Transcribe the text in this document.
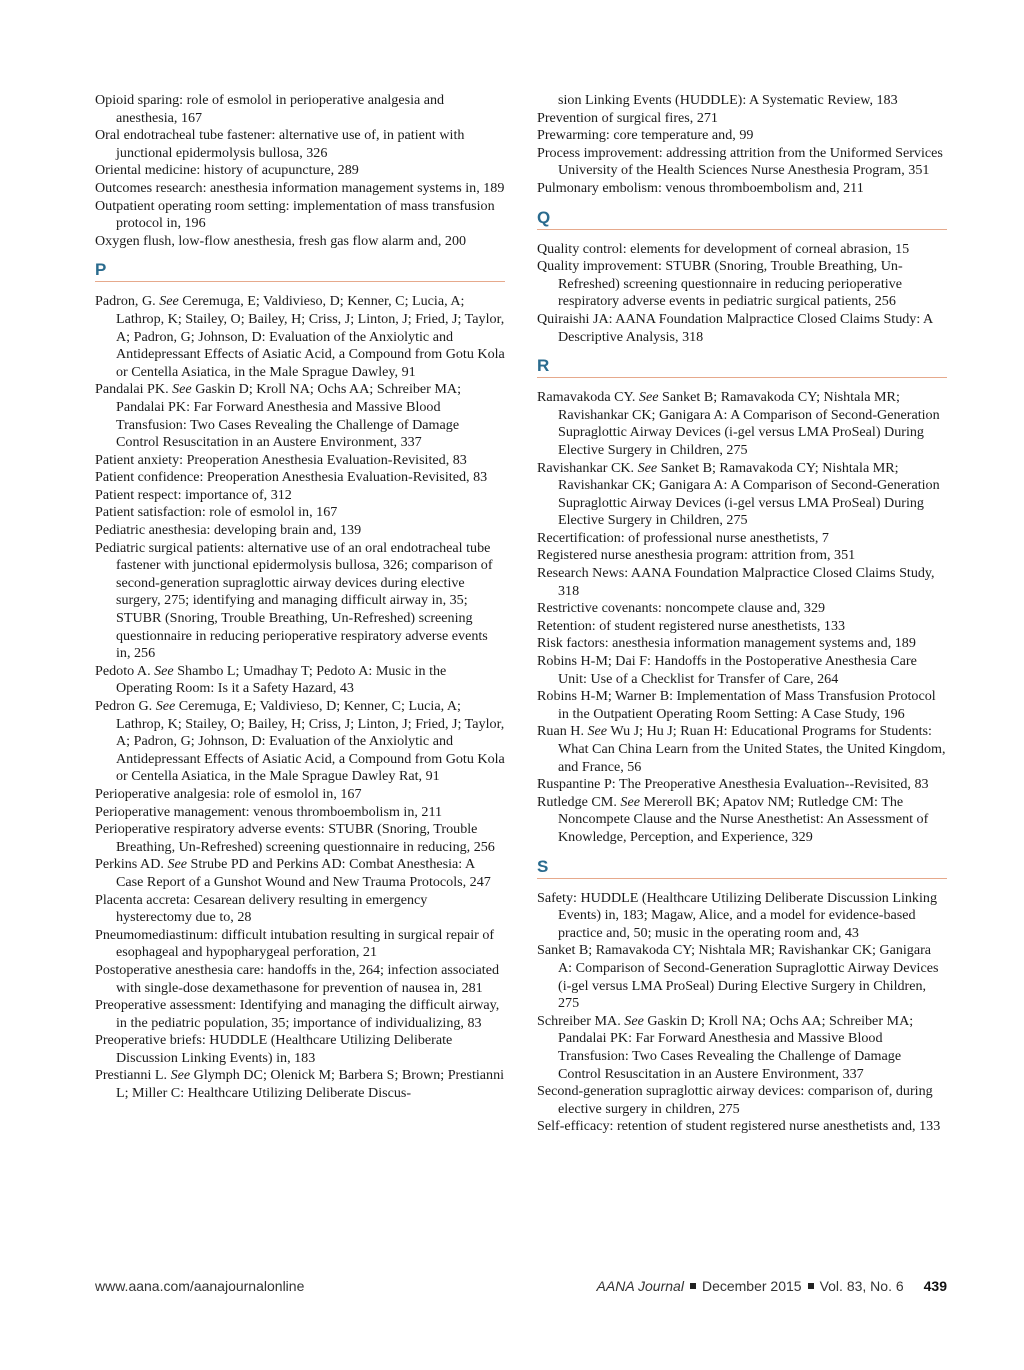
Opioid sparing: role of esmolol in perioperative analgesia and anesthesia, 167
Oral endotracheal tube fastener: alternative use of, in patient with junctional epidermolysis bullosa, 326
Oriental medicine: history of acupuncture, 289
Outcomes research: anesthesia information management systems in, 189
Outpatient operating room setting: implementation of mass transfusion protocol in, 196
Oxygen flush, low-flow anesthesia, fresh gas flow alarm and, 200
P
Padron, G. See Ceremuga, E; Valdivieso, D; Kenner, C; Lucia, A; Lathrop, K; Stailey, O; Bailey, H; Criss, J; Linton, J; Fried, J; Taylor, A; Padron, G; Johnson, D: Evaluation of the Anxiolytic and Antidepressant Effects of Asiatic Acid, a Compound from Gotu Kola or Centella Asiatica, in the Male Sprague Dawley, 91
Pandalai PK. See Gaskin D; Kroll NA; Ochs AA; Schreiber MA; Pandalai PK: Far Forward Anesthesia and Massive Blood Transfusion: Two Cases Revealing the Challenge of Damage Control Resuscitation in an Austere Environment, 337
Patient anxiety: Preoperation Anesthesia Evaluation-Revisited, 83
Patient confidence: Preoperation Anesthesia Evaluation-Revisited, 83
Patient respect: importance of, 312
Patient satisfaction: role of esmolol in, 167
Pediatric anesthesia: developing brain and, 139
Pediatric surgical patients: alternative use of an oral endotracheal tube fastener with junctional epidermolysis bullosa, 326; comparison of second-generation supraglottic airway devices during elective surgery, 275; identifying and managing difficult airway in, 35; STUBR (Snoring, Trouble Breathing, Un-Refreshed) screening questionnaire in reducing perioperative respiratory adverse events in, 256
Pedoto A. See Shambo L; Umadhay T; Pedoto A: Music in the Operating Room: Is it a Safety Hazard, 43
Pedron G. See Ceremuga, E; Valdivieso, D; Kenner, C; Lucia, A; Lathrop, K; Stailey, O; Bailey, H; Criss, J; Linton, J; Fried, J; Taylor, A; Padron, G; Johnson, D: Evaluation of the Anxiolytic and Antidepressant Effects of Asiatic Acid, a Compound from Gotu Kola or Centella Asiatica, in the Male Sprague Dawley Rat, 91
Perioperative analgesia: role of esmolol in, 167
Perioperative management: venous thromboembolism in, 211
Perioperative respiratory adverse events: STUBR (Snoring, Trouble Breathing, Un-Refreshed) screening questionnaire in reducing, 256
Perkins AD. See Strube PD and Perkins AD: Combat Anesthesia: A Case Report of a Gunshot Wound and New Trauma Protocols, 247
Placenta accreta: Cesarean delivery resulting in emergency hysterectomy due to, 28
Pneumomediastinum: difficult intubation resulting in surgical repair of esophageal and hypopharygeal perforation, 21
Postoperative anesthesia care: handoffs in the, 264; infection associated with single-dose dexamethasone for prevention of nausea in, 281
Preoperative assessment: Identifying and managing the difficult airway, in the pediatric population, 35; importance of individualizing, 83
Preoperative briefs: HUDDLE (Healthcare Utilizing Deliberate Discussion Linking Events) in, 183
Prestianni L. See Glymph DC; Olenick M; Barbera S; Brown; Prestianni L; Miller C: Healthcare Utilizing Deliberate Discus-
sion Linking Events (HUDDLE): A Systematic Review, 183
Prevention of surgical fires, 271
Prewarming: core temperature and, 99
Process improvement: addressing attrition from the Uniformed Services University of the Health Sciences Nurse Anesthesia Program, 351
Pulmonary embolism: venous thromboembolism and, 211
Q
Quality control: elements for development of corneal abrasion, 15
Quality improvement: STUBR (Snoring, Trouble Breathing, Un-Refreshed) screening questionnaire in reducing perioperative respiratory adverse events in pediatric surgical patients, 256
Quiraishi JA: AANA Foundation Malpractice Closed Claims Study: A Descriptive Analysis, 318
R
Ramavakoda CY. See Sanket B; Ramavakoda CY; Nishtala MR; Ravishankar CK; Ganigara A: A Comparison of Second-Generation Supraglottic Airway Devices (i-gel versus LMA ProSeal) During Elective Surgery in Children, 275
Ravishankar CK. See Sanket B; Ramavakoda CY; Nishtala MR; Ravishankar CK; Ganigara A: A Comparison of Second-Generation Supraglottic Airway Devices (i-gel versus LMA ProSeal) During Elective Surgery in Children, 275
Recertification: of professional nurse anesthetists, 7
Registered nurse anesthesia program: attrition from, 351
Research News: AANA Foundation Malpractice Closed Claims Study, 318
Restrictive covenants: noncompete clause and, 329
Retention: of student registered nurse anesthetists, 133
Risk factors: anesthesia information management systems and, 189
Robins H-M; Dai F: Handoffs in the Postoperative Anesthesia Care Unit: Use of a Checklist for Transfer of Care, 264
Robins H-M; Warner B: Implementation of Mass Transfusion Protocol in the Outpatient Operating Room Setting: A Case Study, 196
Ruan H. See Wu J; Hu J; Ruan H: Educational Programs for Students: What Can China Learn from the United States, the United Kingdom, and France, 56
Ruspantine P: The Preoperative Anesthesia Evaluation--Revisited, 83
Rutledge CM. See Mereroll BK; Apatov NM; Rutledge CM: The Noncompete Clause and the Nurse Anesthetist: An Assessment of Knowledge, Perception, and Experience, 329
S
Safety: HUDDLE (Healthcare Utilizing Deliberate Discussion Linking Events) in, 183; Magaw, Alice, and a model for evidence-based practice and, 50; music in the operating room and, 43
Sanket B; Ramavakoda CY; Nishtala MR; Ravishankar CK; Ganigara A: Comparison of Second-Generation Supraglottic Airway Devices (i-gel versus LMA ProSeal) During Elective Surgery in Children, 275
Schreiber MA. See Gaskin D; Kroll NA; Ochs AA; Schreiber MA; Pandalai PK: Far Forward Anesthesia and Massive Blood Transfusion: Two Cases Revealing the Challenge of Damage Control Resuscitation in an Austere Environment, 337
Second-generation supraglottic airway devices: comparison of, during elective surgery in children, 275
Self-efficacy: retention of student registered nurse anesthetists and, 133
www.aana.com/aanajournalonline	AANA Journal December 2015 Vol. 83, No. 6 439
